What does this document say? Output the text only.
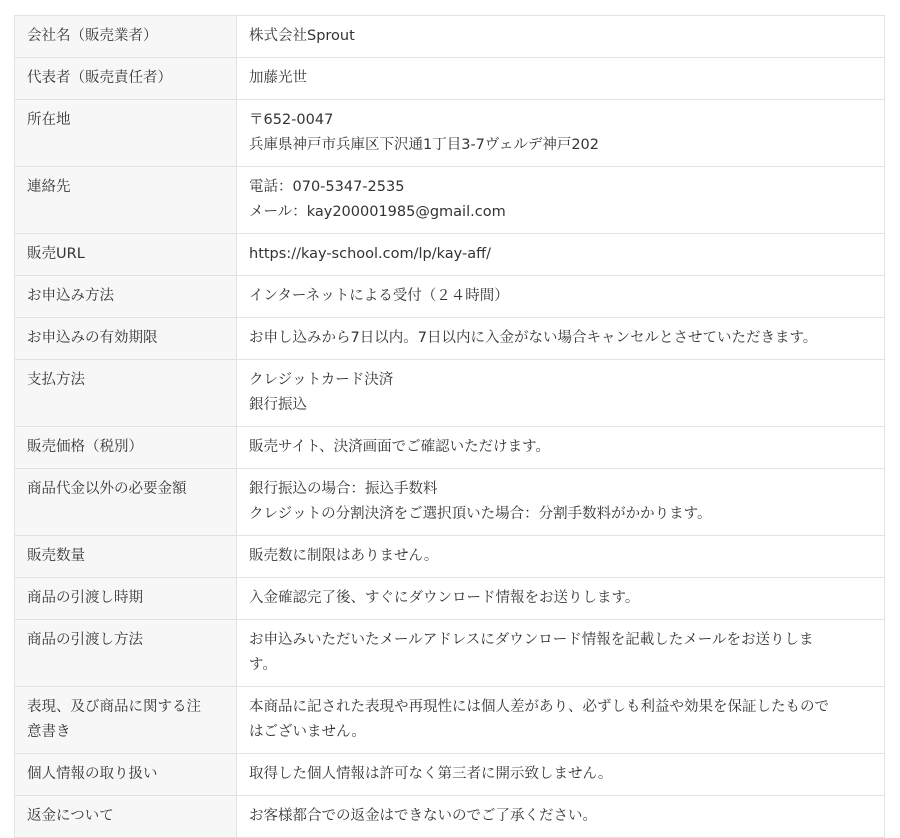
会社名（販売業者）	株式会社Sprout

代表者（販売責任者）	加藤光世

所在地	〒652-0047
兵庫県神戸市兵庫区下沢通1丁目3-7ヴェルデ神戸202

連絡先	電話：070-5347-2535
メール：kay200001985@gmail.com

販売URL	https://kay-school.com/lp/kay-aff/

お申込み方法	インターネットによる受付（２４時間）

お申込みの有効期限	お申し込みから7日以内。7日以内に入金がない場合キャンセルとさせていただきます。

支払方法	クレジットカード決済
銀行振込

販売価格（税別）	販売サイト、決済画面でご確認いただけます。

商品代金以外の必要金額	銀行振込の場合：振込手数料
クレジットの分割決済をご選択頂いた場合：分割手数料がかかります。

販売数量	販売数に制限はありません。

商品の引渡し時期	入金確認完了後、すぐにダウンロード情報をお送りします。

商品の引渡し方法	お申込みいただいたメールアドレスにダウンロード情報を記載したメールをお送りしま
す。

表現、及び商品に関する注
意書き	本商品に記された表現や再現性には個人差があり、必ずしも利益や効果を保証したもので
はございません。

個人情報の取り扱い	取得した個人情報は許可なく第三者に開示致しません。

返金について	お客様都合での返金はできないのでご了承ください。
